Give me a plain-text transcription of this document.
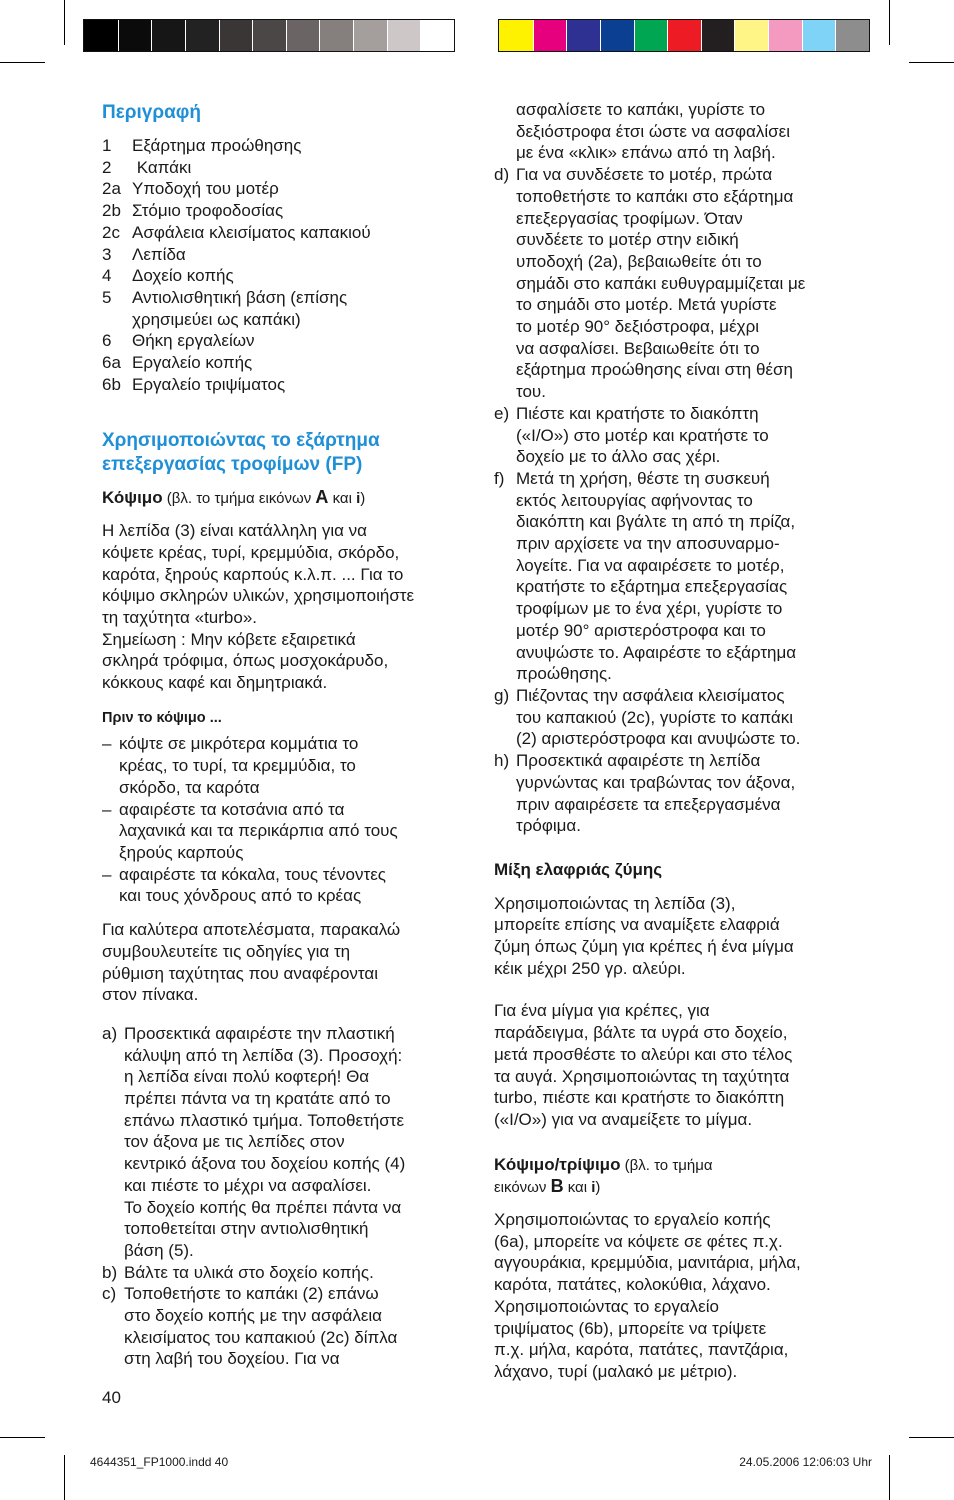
Περιγραφή
1	Εξάρτημα προώθησης
2	Καπάκι
2a Υποδοχή του μοτέρ
2b Στόμιο τροφοδοσίας
2c Ασφάλεια κλεισίματος καπακιού
3	Λεπίδα
4	Δοχείο κοπής
5	Αντιολισθητική βάση (επίσης
χρησιμεύει ως καπάκι)
6	Θήκη εργαλείων
6a Εργαλείο κοπής
6b Εργαλείο τριψίματος
Χρησιμοποιώντας το εξάρτημα
επεξεργασίας τροφίμων (FP)
Κόψιμο (βλ. το τμήμα εικόνων A και i)
Η λεπίδα (3) είναι κατάλληλη για να
κόψετε κρέας, τυρί, κρεμμύδια, σκόρδο,
καρότα, ξηρούς καρπούς κ.λ.π. ... Για το
κόψιμο σκληρών υλικών, χρησιμοποιήστε
τη ταχύτητα «turbo».
Σημείωση : Μην κόβετε εξαιρετικά
σκληρά τρόφιμα, όπως μοσχοκάρυδο,
κόκκους καφέ και δημητριακά.
Πριν το κόψιμο ...
– κόψτε σε μικρότερα κομμάτια το
κρέας, το τυρί, τα κρεμμύδια, το
σκόρδο, τα καρότα
– αφαιρέστε τα κοτσάνια από τα
λαχανικά και τα περικάρπια από τους
ξηρούς καρπούς
– αφαιρέστε τα κόκαλα, τους τένοντες
και τους χόνδρους από το κρέας
Για καλύτερα αποτελέσματα, παρακαλώ
συμβουλευτείτε τις οδηγίες για τη
ρύθμιση ταχύτητας που αναφέρονται
στον πίνακα.
a) Προσεκτικά αφαιρέστε την πλαστική
κάλυψη από τη λεπίδα (3). Προσοχή:
η λεπίδα είναι πολύ κοφτερή! Θα
πρέπει πάντα να τη κρατάτε από το
επάνω πλαστικό τμήμα. Τοποθετήστε
τον άξονα με τις λεπίδες στον
κεντρικό άξονα του δοχείου κοπής (4)
και πιέστε το μέχρι να ασφαλίσει.
Το δοχείο κοπής θα πρέπει πάντα να
τοποθετείται στην αντιολισθητική
βάση (5).
b) Βάλτε τα υλικά στο δοχείο κοπής.
c) Τοποθετήστε το καπάκι (2) επάνω
στο δοχείο κοπής με την ασφάλεια
κλεισίματος του καπακιού (2c) δίπλα
στη λαβή του δοχείου. Για να
40
ασφαλίσετε το καπάκι, γυρίστε το
δεξιόστροφα έτσι ώστε να ασφαλίσει
με ένα «κλικ» επάνω από τη λαβή.
d) Για να συνδέσετε το μοτέρ, πρώτα
τοποθετήστε το καπάκι στο εξάρτημα
επεξεργασίας τροφίμων. Όταν
συνδέετε το μοτέρ στην ειδική
υποδοχή (2a), βεβαιωθείτε ότι το
σημάδι στο καπάκι ευθυγραμμίζεται με
το σημάδι στο μοτέρ. Μετά γυρίστε
το μοτέρ 90° δεξιόστροφα, μέχρι
να ασφαλίσει. Βεβαιωθείτε ότι το
εξάρτημα προώθησης είναι στη θέση
του.
e) Πιέστε και κρατήστε το διακόπτη
(«I/O») στο μοτέρ και κρατήστε το
δοχείο με το άλλο σας χέρι.
f) Μετά τη χρήση, θέστε τη συσκευή
εκτός λειτουργίας αφήνοντας το
διακόπτη και βγάλτε τη από τη πρίζα,
πριν αρχίσετε να την αποσυναρμο-
λογείτε. Για να αφαιρέσετε το μοτέρ,
κρατήστε το εξάρτημα επεξεργασίας
τροφίμων με το ένα χέρι, γυρίστε το
μοτέρ 90° αριστερόστροφα και το
ανυψώστε το. Αφαιρέστε το εξάρτημα
προώθησης.
g) Πιέζοντας την ασφάλεια κλεισίματος
του καπακιού (2c), γυρίστε το καπάκι
(2) αριστερόστροφα και ανυψώστε το.
h) Προσεκτικά αφαιρέστε τη λεπίδα
γυρνώντας και τραβώντας τον άξονα,
πριν αφαιρέσετε τα επεξεργασμένα
τρόφιμα.
Μίξη ελαφριάς ζύμης
Χρησιμοποιώντας τη λεπίδα (3),
μπορείτε επίσης να αναμίξετε ελαφριά
ζύμη όπως ζύμη για κρέπες ή ένα μίγμα
κέικ μέχρι 250 γρ. αλεύρι.
Για ένα μίγμα για κρέπες, για
παράδειγμα, βάλτε τα υγρά στο δοχείο,
μετά προσθέστε το αλεύρι και στο τέλος
τα αυγά. Χρησιμοποιώντας τη ταχύτητα
turbo, πιέστε και κρατήστε το διακόπτη
(«I/O») για να αναμείξετε το μίγμα.
Κόψιμο/τρίψιμο (βλ. το τμήμα
εικόνων B και i)
Χρησιμοποιώντας το εργαλείο κοπής
(6a), μπορείτε να κόψετε σε φέτες π.χ.
αγγουράκια, κρεμμύδια, μανιτάρια, μήλα,
καρότα, πατάτες, κολοκύθια, λάχανο.
Χρησιμοποιώντας το εργαλείο
τριψίματος (6b), μπορείτε να τρίψετε
π.χ. μήλα, καρότα, πατάτες, παντζάρια,
λάχανο, τυρί (μαλακό με μέτριο).
4644351_FP1000.indd 40	24.05.2006 12:06:03 Uhr
